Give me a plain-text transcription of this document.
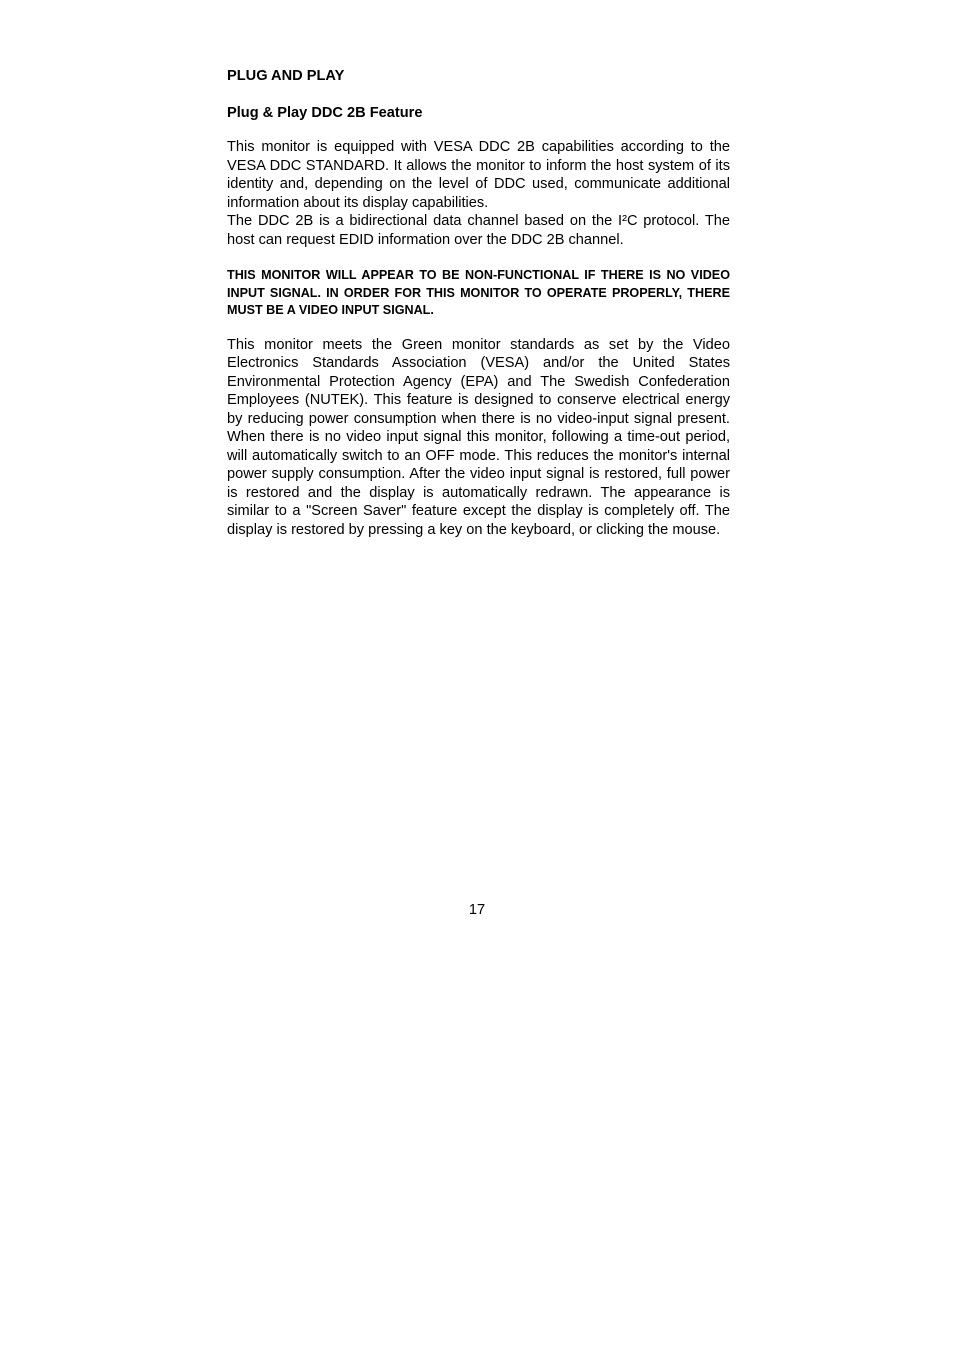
PLUG AND PLAY
Plug & Play DDC 2B Feature
This monitor is equipped with VESA DDC 2B capabilities according to the VESA DDC STANDARD. It allows the monitor to inform the host system of its identity and, depending on the level of DDC used, communicate additional information about its display capabilities.
The DDC 2B is a bidirectional data channel based on the I²C protocol. The host can request EDID information over the DDC 2B channel.
THIS MONITOR WILL APPEAR TO BE NON-FUNCTIONAL IF THERE IS NO VIDEO INPUT SIGNAL. IN ORDER FOR THIS MONITOR TO OPERATE PROPERLY, THERE MUST BE A VIDEO INPUT SIGNAL.
This monitor meets the Green monitor standards as set by the Video Electronics Standards Association (VESA) and/or the United States Environmental Protection Agency (EPA) and The Swedish Confederation Employees (NUTEK). This feature is designed to conserve electrical energy by reducing power consumption when there is no video-input signal present. When there is no video input signal this monitor, following a time-out period, will automatically switch to an OFF mode. This reduces the monitor's internal power supply consumption. After the video input signal is restored, full power is restored and the display is automatically redrawn. The appearance is similar to a "Screen Saver" feature except the display is completely off. The display is restored by pressing a key on the keyboard, or clicking the mouse.
17
